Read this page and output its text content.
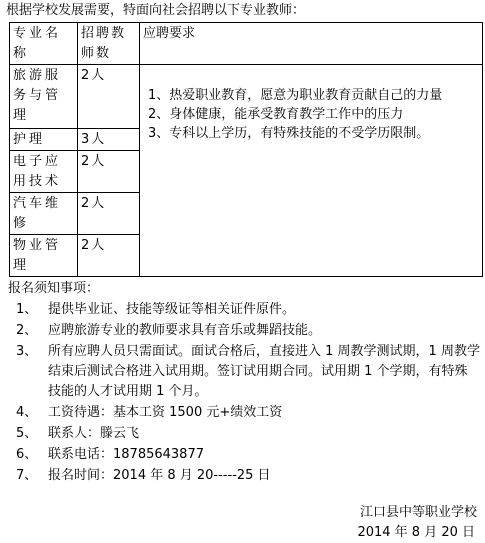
根据学校发展需要，特面向社会招聘以下专业教师：
专业名称	招聘教师数	应聘要求
旅游服务与管理	2人	1、热爱职业教育，愿意为职业教育贡献自己的力量
2、身体健康，能承受教育教学工作中的压力
3、专科以上学历，有特殊技能的不受学历限制。

护理	3人	
电子应用技术	2人	
汽车维修	2人	
物业管理	2人	
报名须知事项：
1、 提供毕业证、技能等级证等相关证件原件。
2、 应聘旅游专业的教师要求具有音乐或舞蹈技能。
3、 所有应聘人员只需面试。面试合格后，直接进入 1 周教学测试期，1 周教学结束后测试合格进入试用期。签订试用期合同。试用期 1 个学期，有特殊技能的人才试用期 1 个月。
4、 工资待遇：基本工资 1500 元+绩效工资
5、 联系人：滕云飞
6、 联系电话：18785643877
7、 报名时间：2014 年 8 月 20-----25 日
江口县中等职业学校
2014 年 8 月 20 日
